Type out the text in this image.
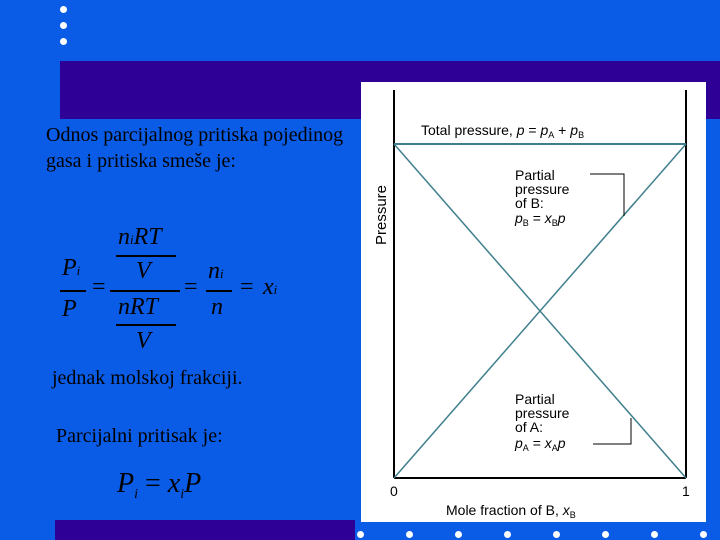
Odnos parcijalnog pritiska pojedinog gasa i pritiska smeše je:
Pi
P
=
niRT
V
nRT
V
=
ni
n
= xi
jednak molskoj frakciji.
Parcijalni pritisak je:
$P_i = x_iP$
Total pressure, $p = p_A + p_B$
Partial
pressure
of B:
$p_B = x_Bp$
Partial
pressure
of A:
$p_A = x_Ap$
Pressure
0	1
Mole fraction of B, $x_B$
